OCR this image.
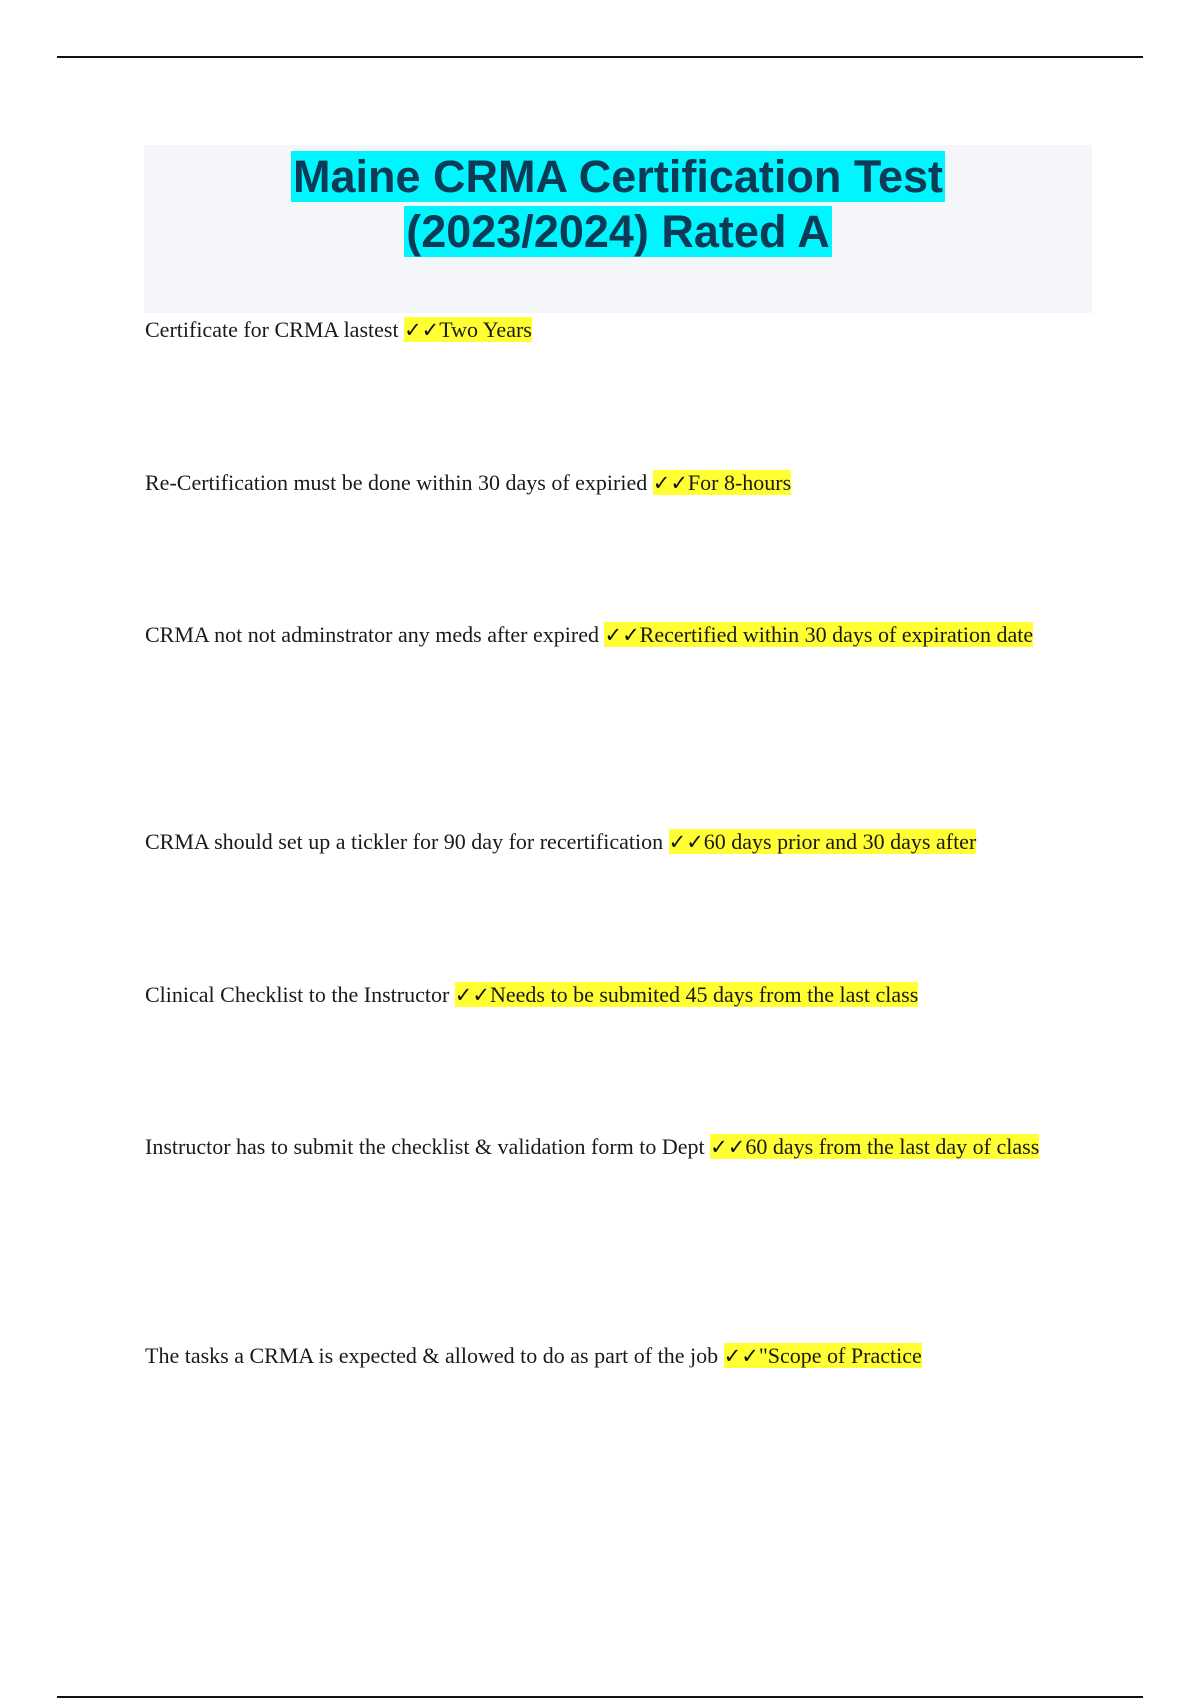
Maine CRMA Certification Test
(2023/2024) Rated A

Certificate for CRMA lastest ✓✓Two Years

Re-Certification must be done within 30 days of expiried ✓✓For 8-hours

CRMA not not adminstrator any meds after expired ✓✓Recertified within 30 days of expiration date

CRMA should set up a tickler for 90 day for recertification ✓✓60 days prior and 30 days after

Clinical Checklist to the Instructor ✓✓Needs to be submited 45 days from the last class

Instructor has to submit the checklist & validation form to Dept ✓✓60 days from the last day of class

The tasks a CRMA is expected & allowed to do as part of the job ✓✓"Scope of Practice
